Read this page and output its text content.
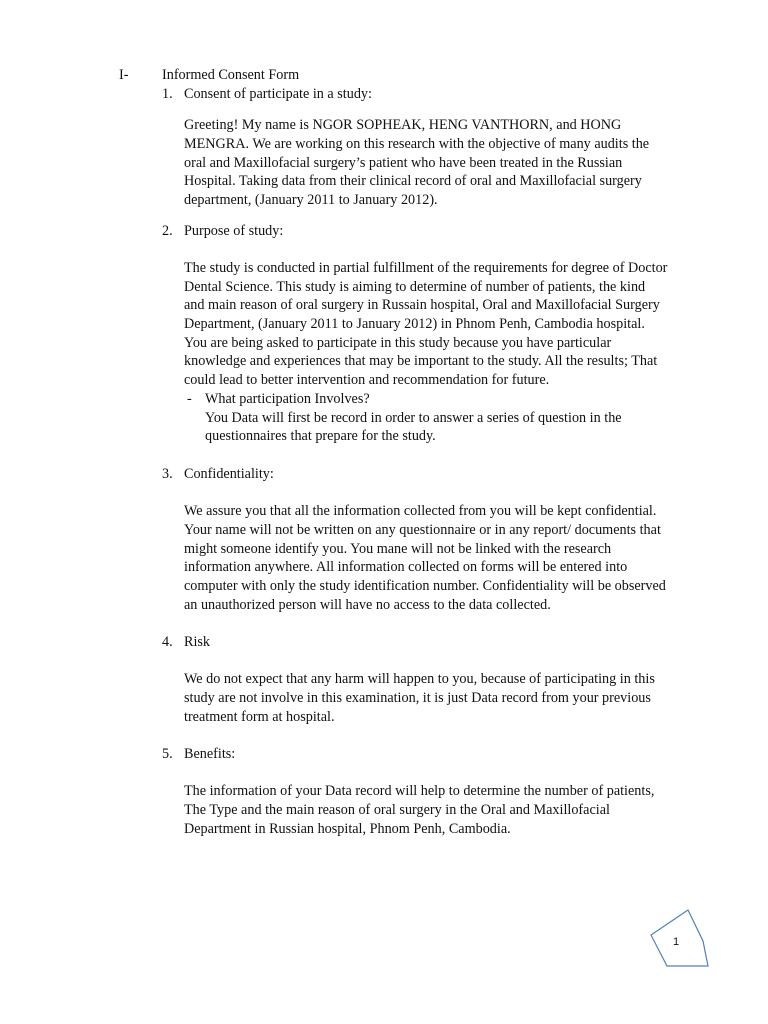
I- Informed Consent Form
1. Consent of participate in a study:
Greeting! My name is NGOR SOPHEAK, HENG VANTHORN, and HONG
MENGRA. We are working on this research with the objective of many audits the
oral and Maxillofacial surgery’s patient who have been treated in the Russian
Hospital. Taking data from their clinical record of oral and Maxillofacial surgery
department, (January 2011 to January 2012).
2. Purpose of study:
The study is conducted in partial fulfillment of the requirements for degree of Doctor
Dental Science. This study is aiming to determine of number of patients, the kind
and main reason of oral surgery in Russain hospital, Oral and Maxillofacial Surgery
Department, (January 2011 to January 2012) in Phnom Penh, Cambodia hospital.
You are being asked to participate in this study because you have particular
knowledge and experiences that may be important to the study. All the results; That
could lead to better intervention and recommendation for future.
- What participation Involves?
You Data will first be record in order to answer a series of question in the
questionnaires that prepare for the study.
3. Confidentiality:
We assure you that all the information collected from you will be kept confidential.
Your name will not be written on any questionnaire or in any report/ documents that
might someone identify you. You mane will not be linked with the research
information anywhere. All information collected on forms will be entered into
computer with only the study identification number. Confidentiality will be observed
an unauthorized person will have no access to the data collected.
4. Risk
We do not expect that any harm will happen to you, because of participating in this
study are not involve in this examination, it is just Data record from your previous
treatment form at hospital.
5. Benefits:
The information of your Data record will help to determine the number of patients,
The Type and the main reason of oral surgery in the Oral and Maxillofacial
Department in Russian hospital, Phnom Penh, Cambodia.
1
